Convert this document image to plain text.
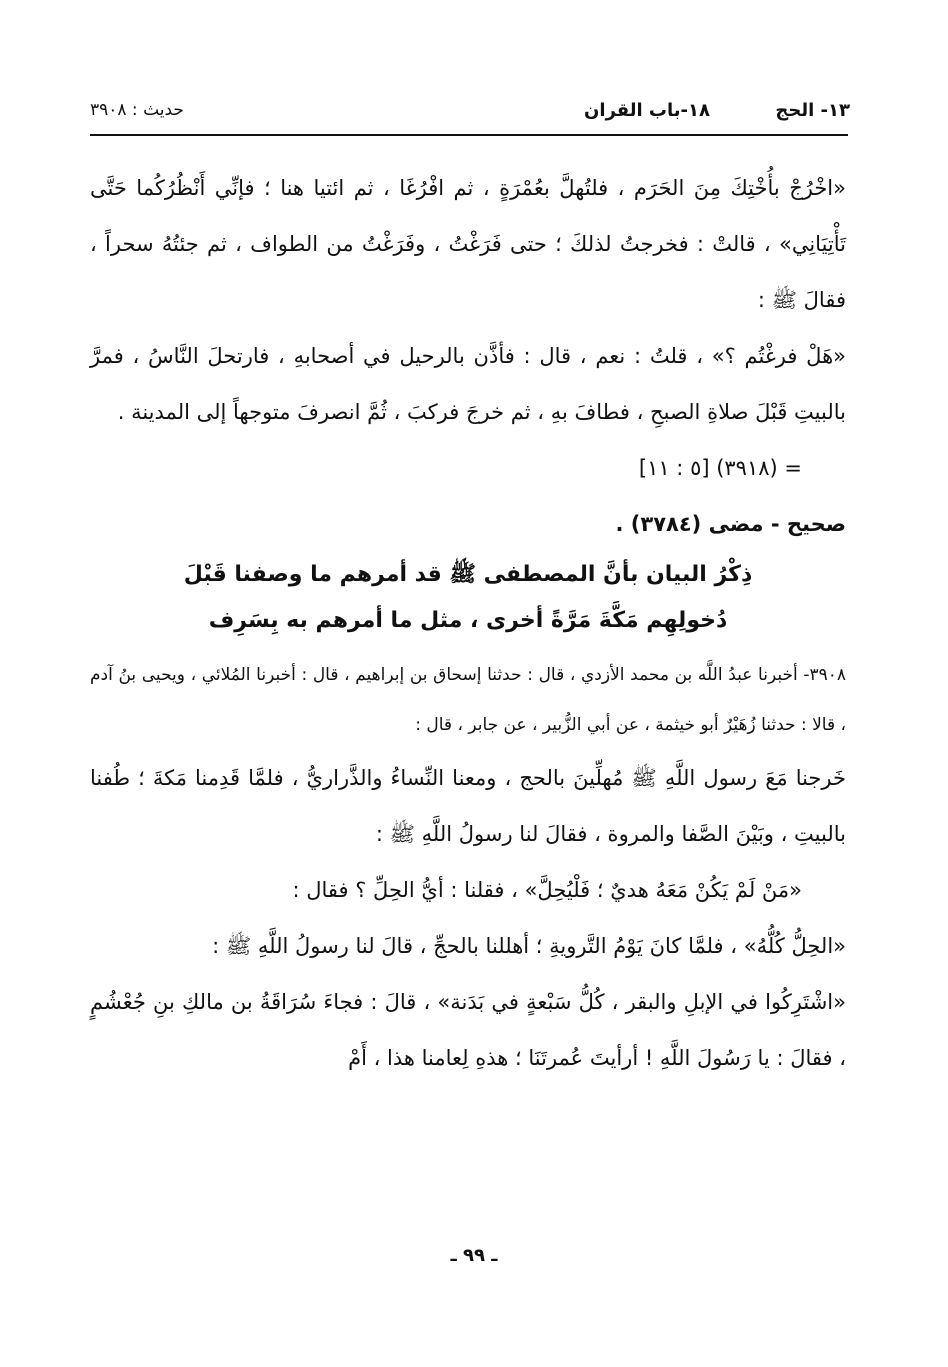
١٣- الحج
١٨-باب القران
حديث : ٣٩٠٨

«اخْرُجْ بأُخْتِكَ مِنَ الحَرَم ، فلتُهلَّ بعُمْرَةٍ ، ثم افْرُغَا ، ثم ائتيا هنا ؛ فإنِّي أَنْظُرُكُما حَتَّى تَأْتِيَانِي» ، قالتْ : فخرجتُ لذلكَ ؛ حتى فَرَغْتُ ، وفَرَغْتُ من الطواف ، ثم جئتُهُ سحراً ، فقالَ ﷺ :

«هَلْ فرغْتُم ؟» ، قلتُ : نعم ، قال : فأذَّن بالرحيل في أصحابهِ ، فارتحلَ النَّاسُ ، فمرَّ بالبيتِ قَبْلَ صلاةِ الصبحِ ، فطافَ بهِ ، ثم خرجَ فركبَ ، ثُمَّ انصرفَ متوجهاً إلى المدينة .

= (٣٩١٨) [٥ : ١١]

صحيح - مضى (٣٧٨٤) .

ذِكْرُ البيان بأنَّ المصطفى ﷺ قد أمرهم ما وصفنا قَبْلَ

دُخولِهِم مَكَّةَ مَرَّةً أخرى ، مثل ما أمرهم به بِسَرِف

٣٩٠٨- أخبرنا عبدُ اللَّه بن محمد الأزدي ، قال : حدثنا إسحاق بن إبراهيم ، قال : أخبرنا المُلائي ، ويحيى بنُ آدم ، قالا : حدثنا زُهَيْرٌ أبو خيثمة ، عن أبي الزُّبير ، عن جابر ، قال :

خَرجنا مَعَ رسول اللَّهِ ﷺ مُهلِّينَ بالحج ، ومعنا النِّساءُ والذَّراريُّ ، فلمَّا قَدِمنا مَكةَ ؛ طُفنا بالبيتِ ، وبَيْنَ الصَّفا والمروة ، فقالَ لنا رسولُ اللَّهِ ﷺ :

«مَنْ لَمْ يَكُنْ مَعَهُ هديٌ ؛ فَلْيُحِلَّ» ، فقلنا : أيُّ الحِلِّ ؟ فقال :

«الحِلُّ كُلُّهُ» ، فلمَّا كانَ يَوْمُ التَّرويةِ ؛ أهللنا بالحجِّ ، قالَ لنا رسولُ اللَّهِ ﷺ :

«اشْتَرِكُوا في الإبلِ والبقر ، كُلُّ سَبْعةٍ في بَدَنة» ، قالَ : فجاءَ سُرَاقَةُ بن مالكِ بنِ جُعْشُمٍ ، فقالَ : يا رَسُولَ اللَّهِ ! أرأيتَ عُمرتَنَا ؛ هذهِ لِعامنا هذا ، أَمْ

ـ ٩٩ ـ
